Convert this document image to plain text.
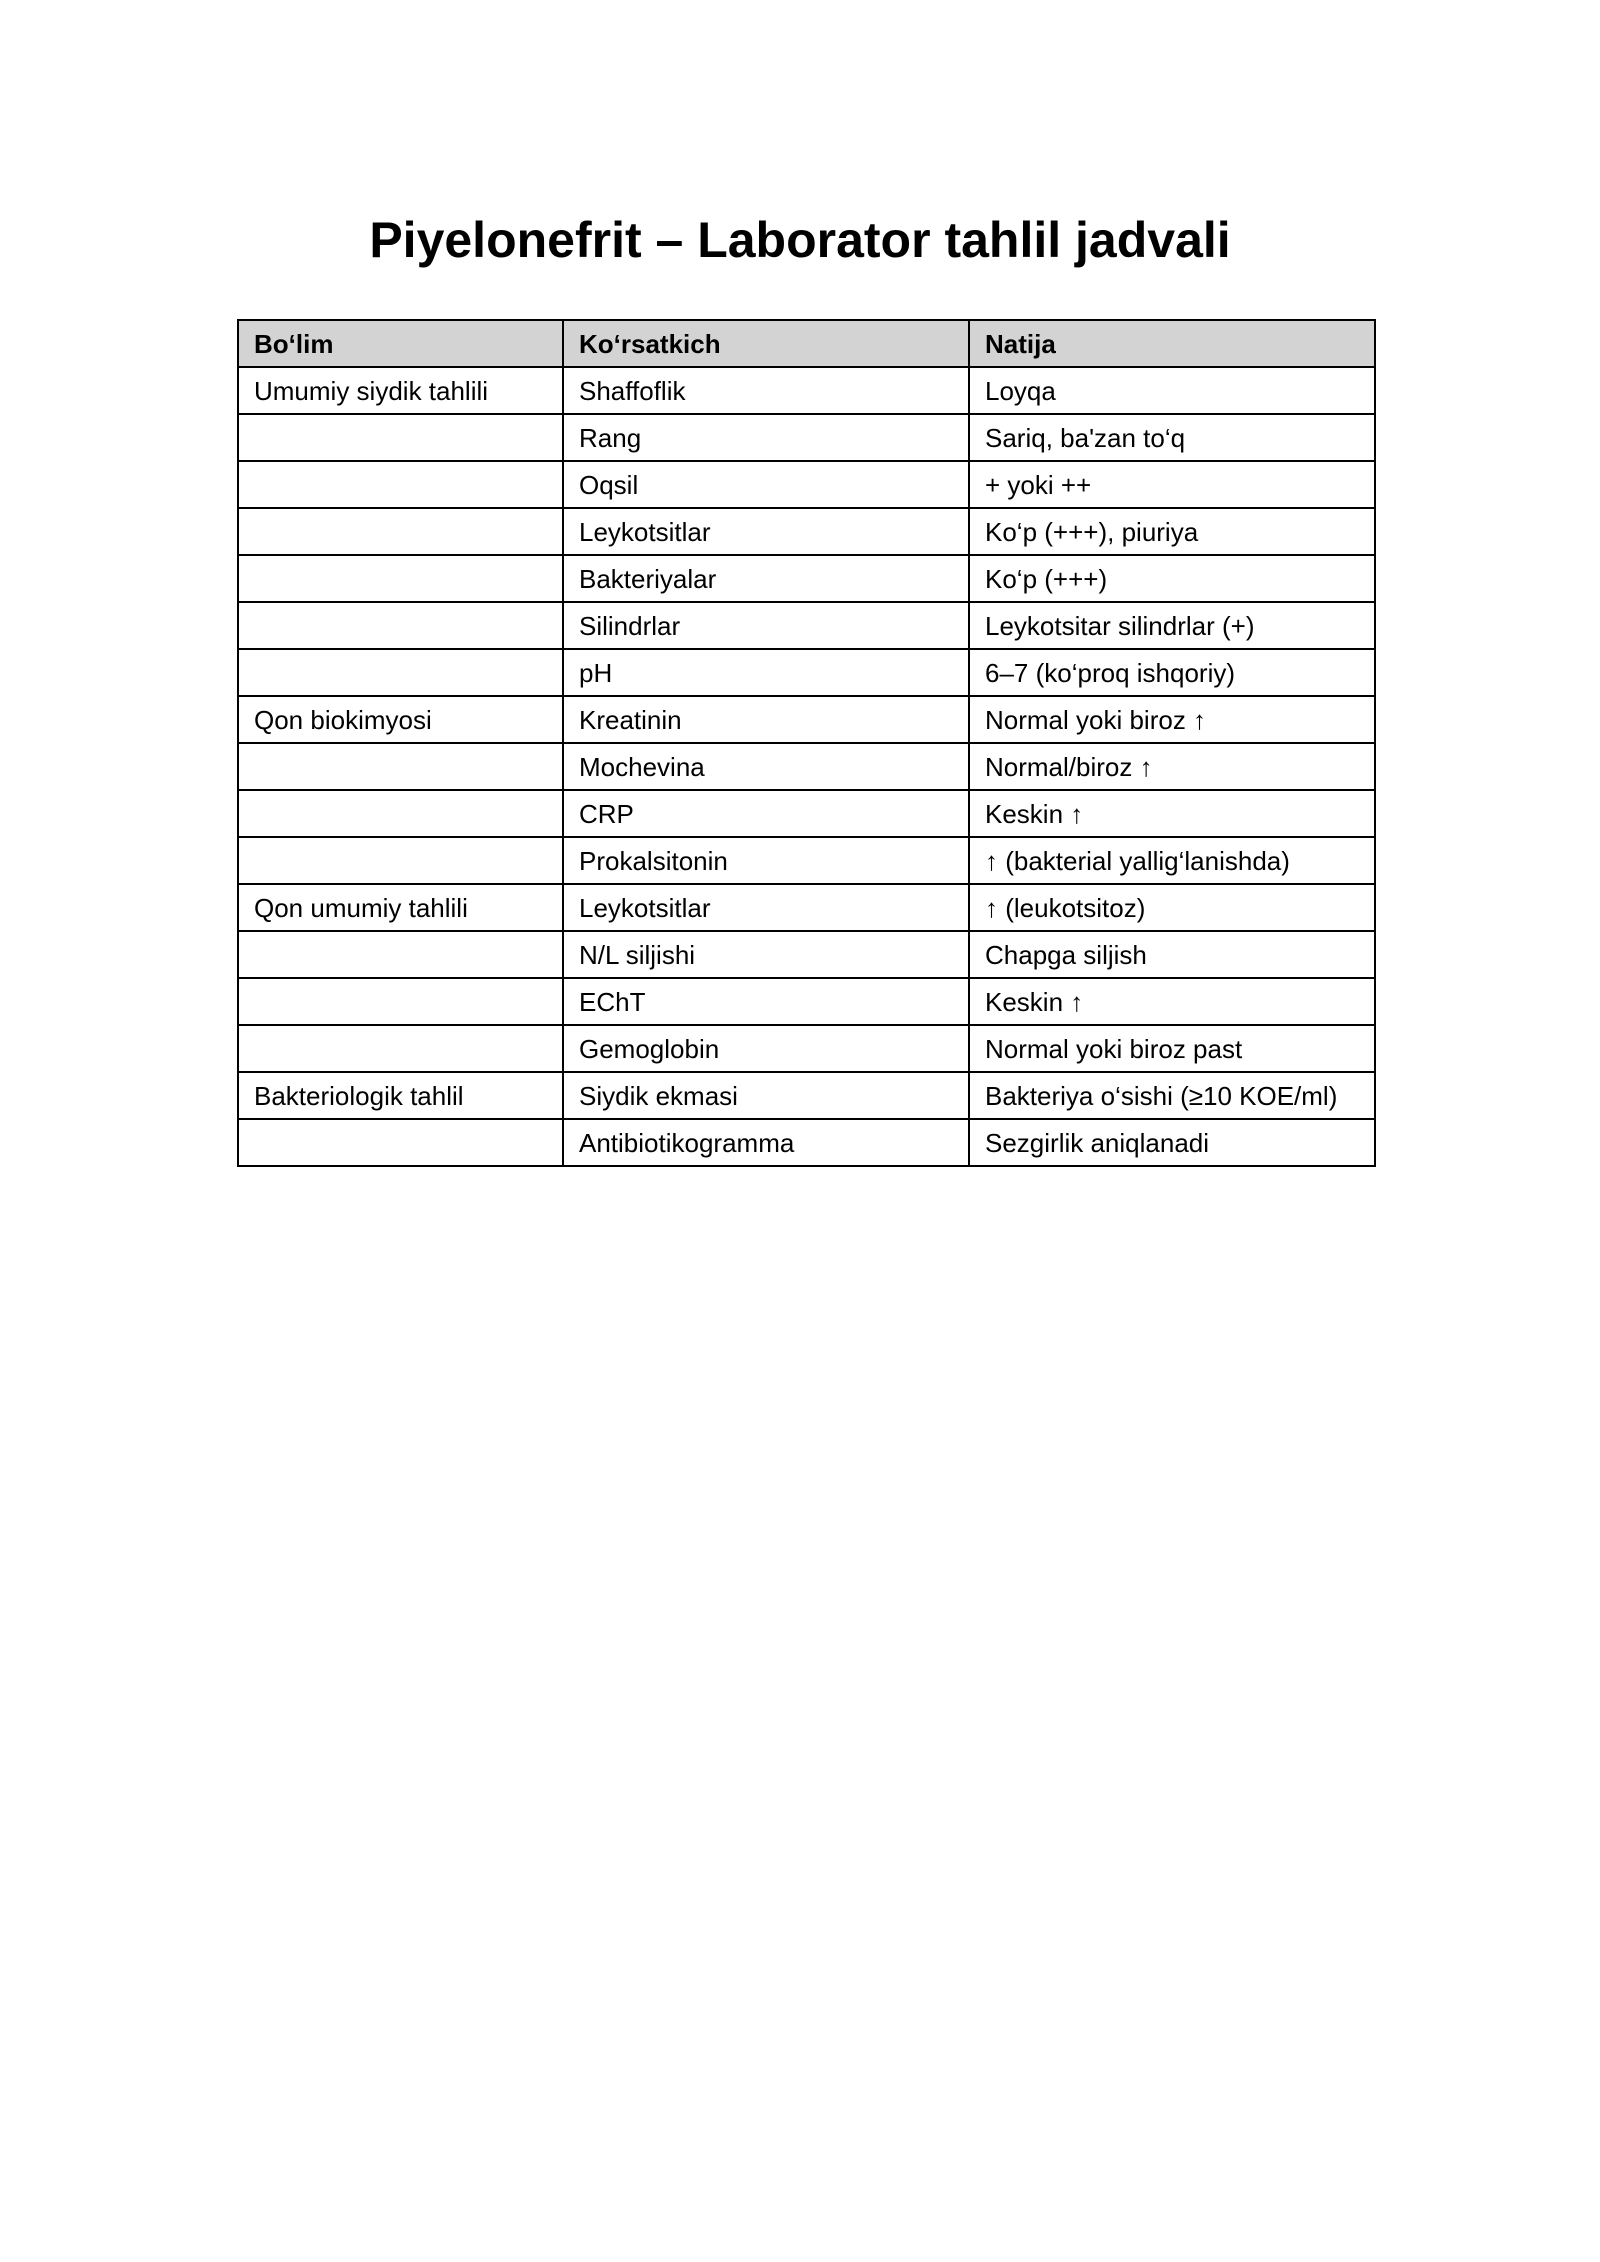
Piyelonefrit – Laborator tahlil jadvali
Bo‘lim	Ko‘rsatkich	Natija
Umumiy siydik tahlili	Shaffoflik	Loyqa
	Rang	Sariq, ba'zan to‘q
	Oqsil	+ yoki ++
	Leykotsitlar	Ko‘p (+++), piuriya
	Bakteriyalar	Ko‘p (+++)
	Silindrlar	Leykotsitar silindrlar (+)
	pH	6–7 (ko‘proq ishqoriy)
Qon biokimyosi	Kreatinin	Normal yoki biroz ↑
	Mochevina	Normal/biroz ↑
	CRP	Keskin ↑
	Prokalsitonin	↑ (bakterial yallig‘lanishda)
Qon umumiy tahlili	Leykotsitlar	↑ (leukotsitoz)
	N/L siljishi	Chapga siljish
	EChT	Keskin ↑
	Gemoglobin	Normal yoki biroz past
Bakteriologik tahlil	Siydik ekmasi	Bakteriya o‘sishi (≥10 KOE/ml)
	Antibiotikogramma	Sezgirlik aniqlanadi
